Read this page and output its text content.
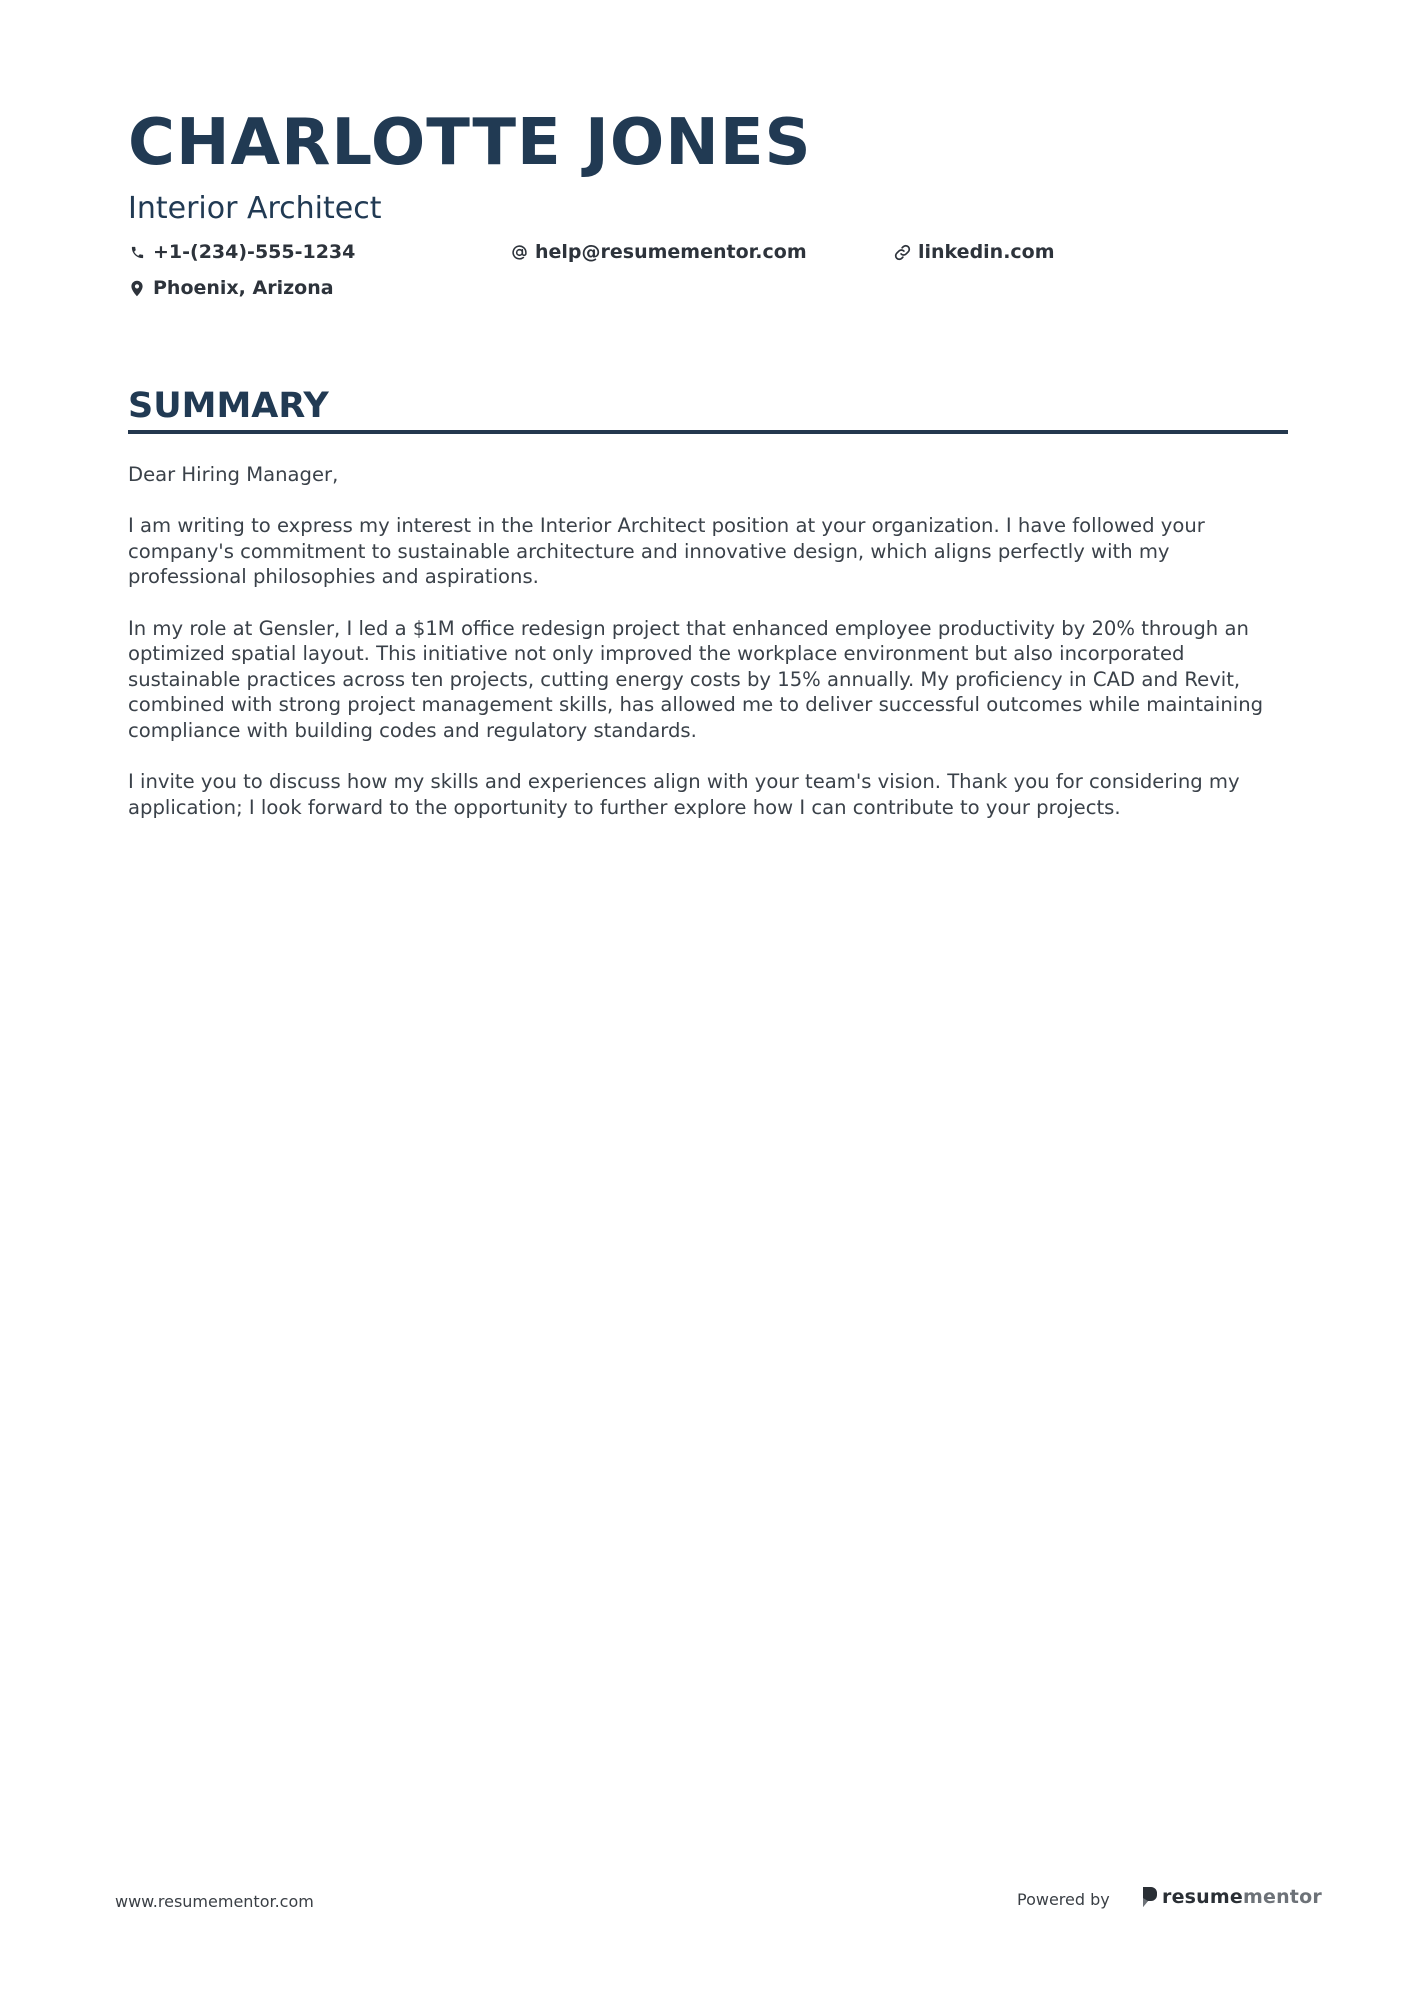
CHARLOTTE JONES
Interior Architect
+1-(234)-555-1234	help@resumementor.com	linkedin.com
Phoenix, Arizona
SUMMARY

Dear Hiring Manager,

I am writing to express my interest in the Interior Architect position at your organization. I have followed your company's commitment to sustainable architecture and innovative design, which aligns perfectly with my professional philosophies and aspirations.

In my role at Gensler, I led a $1M office redesign project that enhanced employee productivity by 20% through an optimized spatial layout. This initiative not only improved the workplace environment but also incorporated sustainable practices across ten projects, cutting energy costs by 15% annually. My proficiency in CAD and Revit, combined with strong project management skills, has allowed me to deliver successful outcomes while maintaining compliance with building codes and regulatory standards.

I invite you to discuss how my skills and experiences align with your team's vision. Thank you for considering my application; I look forward to the opportunity to further explore how I can contribute to your projects.

www.resumementor.com	Powered by	resumementor
